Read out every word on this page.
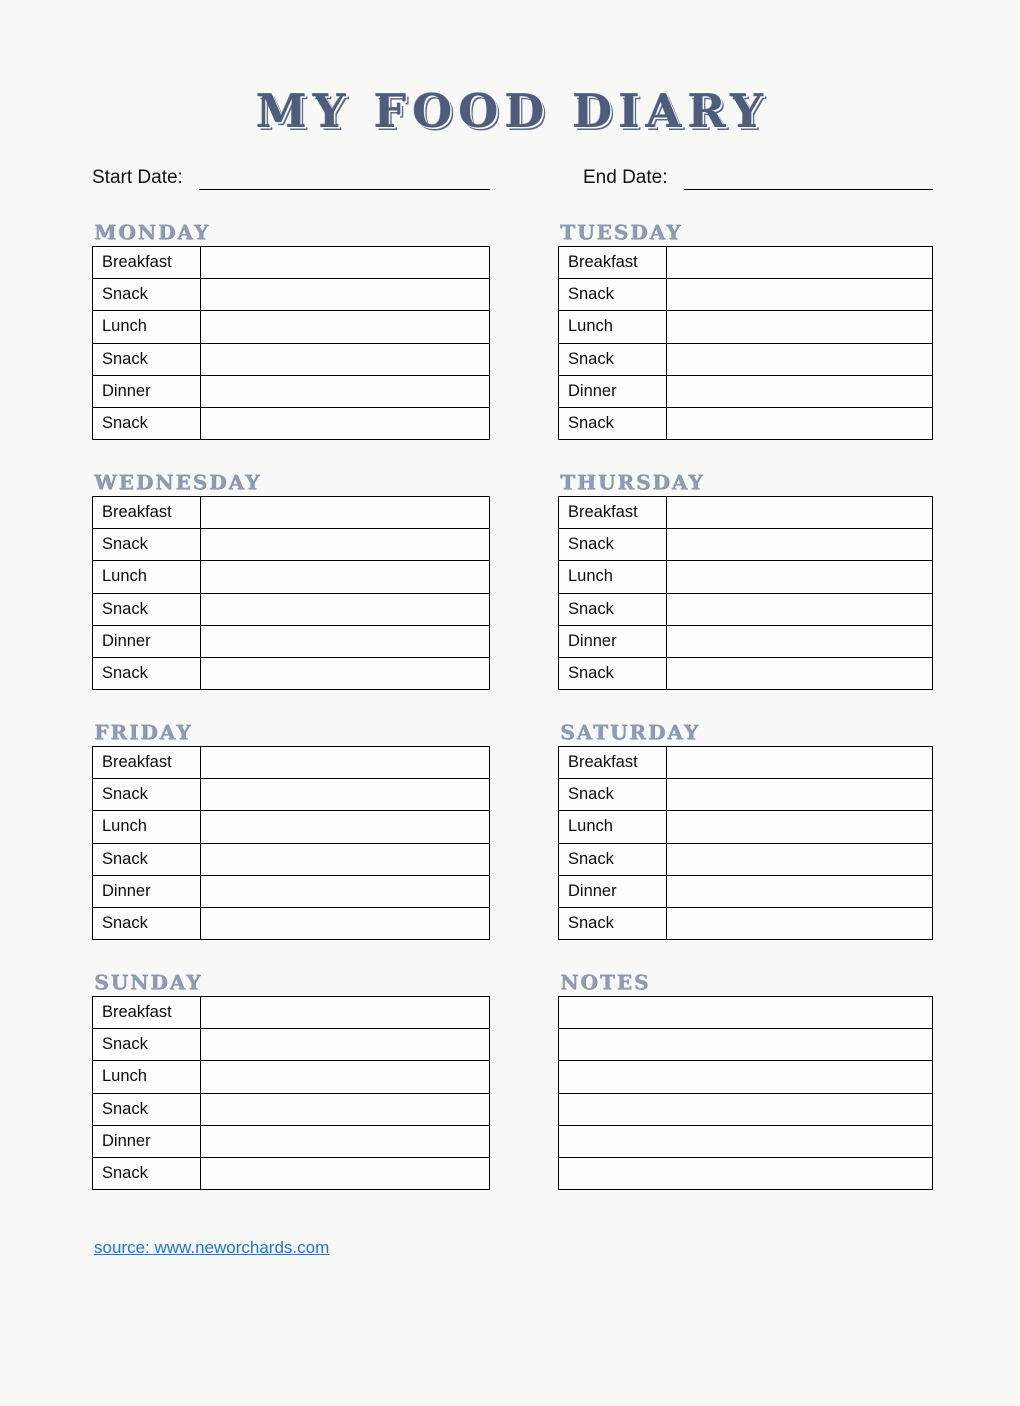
MY FOOD DIARY
Start Date:	End Date:
MONDAY
Breakfast
Snack
Lunch
Snack
Dinner
Snack
TUESDAY
Breakfast
Snack
Lunch
Snack
Dinner
Snack
WEDNESDAY
Breakfast
Snack
Lunch
Snack
Dinner
Snack
THURSDAY
Breakfast
Snack
Lunch
Snack
Dinner
Snack
FRIDAY
Breakfast
Snack
Lunch
Snack
Dinner
Snack
SATURDAY
Breakfast
Snack
Lunch
Snack
Dinner
Snack
SUNDAY
Breakfast
Snack
Lunch
Snack
Dinner
Snack
NOTES
source: www.neworchards.com
